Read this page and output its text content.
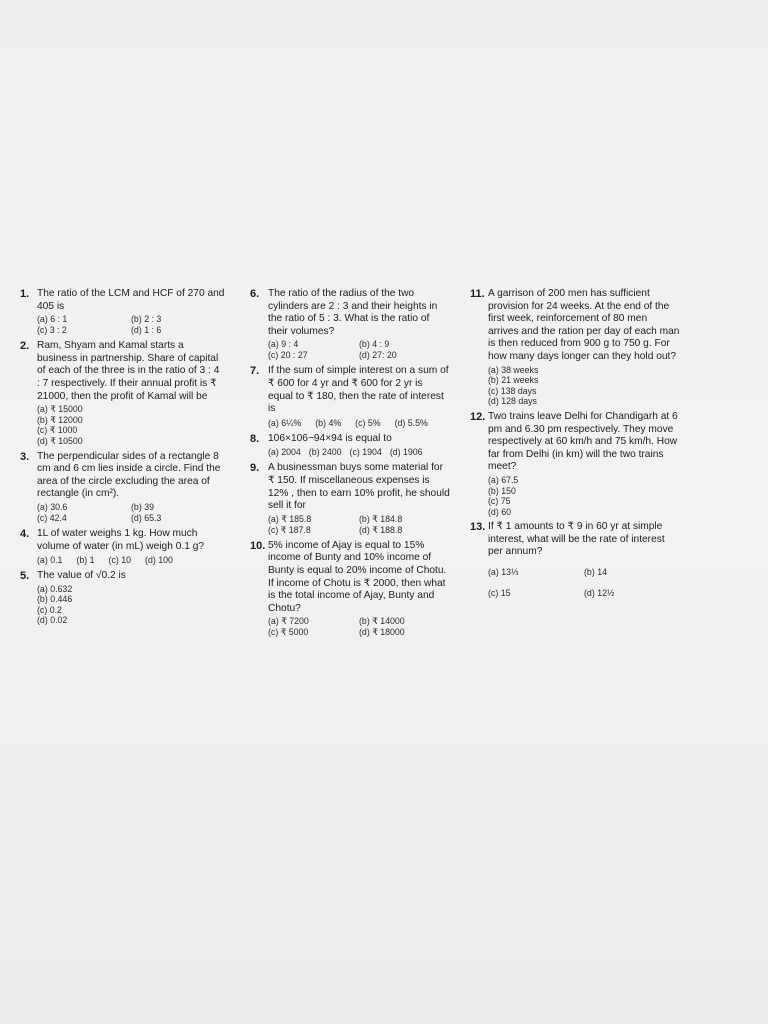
1. The ratio of the LCM and HCF of 270 and 405 is
(a) 6 : 1	(b) 2 : 3
(c) 3 : 2	(d) 1 : 6
2. Ram, Shyam and Kamal starts a business in partnership. Share of capital of each of the three is in the ratio of 3 : 4 : 7 respectively. If their annual profit is ₹ 21000, then the profit of Kamal will be
(a) ₹ 15000
(b) ₹ 12000
(c) ₹ 1000
(d) ₹ 10500
3. The perpendicular sides of a rectangle 8 cm and 6 cm lies inside a circle. Find the area of the circle excluding the area of rectangle (in cm²).
(a) 30.6	(b) 39
(c) 42.4	(d) 65.3
4. 1L of water weighs 1 kg. How much volume of water (in mL) weigh 0.1 g?
(a) 0.1 (b) 1 (c) 10 (d) 100
5. The value of √0.2 is
(a) 0.632
(b) 0.446
(c) 0.2
(d) 0.02
6. The ratio of the radius of the two cylinders are 2 : 3 and their heights in the ratio of 5 : 3. What is the ratio of their volumes?
(a) 9 : 4	(b) 4 : 9
(c) 20 : 27	(d) 27: 20
7. If the sum of simple interest on a sum of ₹ 600 for 4 yr and ₹ 600 for 2 yr is equal to ₹ 180, then the rate of interest is
(a) 6¼% (b) 4% (c) 5% (d) 5.5%
8. 106×106−94×94 is equal to
(a) 2004 (b) 2400 (c) 1904 (d) 1906
9. A businessman buys some material for ₹ 150. If miscellaneous expenses is 12% , then to earn 10% profit, he should sell it for
(a) ₹ 185.8	(b) ₹ 184.8
(c) ₹ 187.8	(d) ₹ 188.8
10. 5% income of Ajay is equal to 15% income of Bunty and 10% income of Bunty is equal to 20% income of Chotu. If income of Chotu is ₹ 2000, then what is the total income of Ajay, Bunty and Chotu?
(a) ₹ 7200	(b) ₹ 14000
(c) ₹ 5000	(d) ₹ 18000
11. A garrison of 200 men has sufficient provision for 24 weeks. At the end of the first week, reinforcement of 80 men arrives and the ration per day of each man is then reduced from 900 g to 750 g. For how many days longer can they hold out?
(a) 38 weeks
(b) 21 weeks
(c) 138 days
(d) 128 days
12. Two trains leave Delhi for Chandigarh at 6 pm and 6.30 pm respectively. They move respectively at 60 km/h and 75 km/h. How far from Delhi (in km) will the two trains meet?
(a) 67.5
(b) 150
(c) 75
(d) 60
13. If ₹ 1 amounts to ₹ 9 in 60 yr at simple interest, what will be the rate of interest per annum?
(a) 13⅓	(b) 14
(c) 15	(d) 12½
